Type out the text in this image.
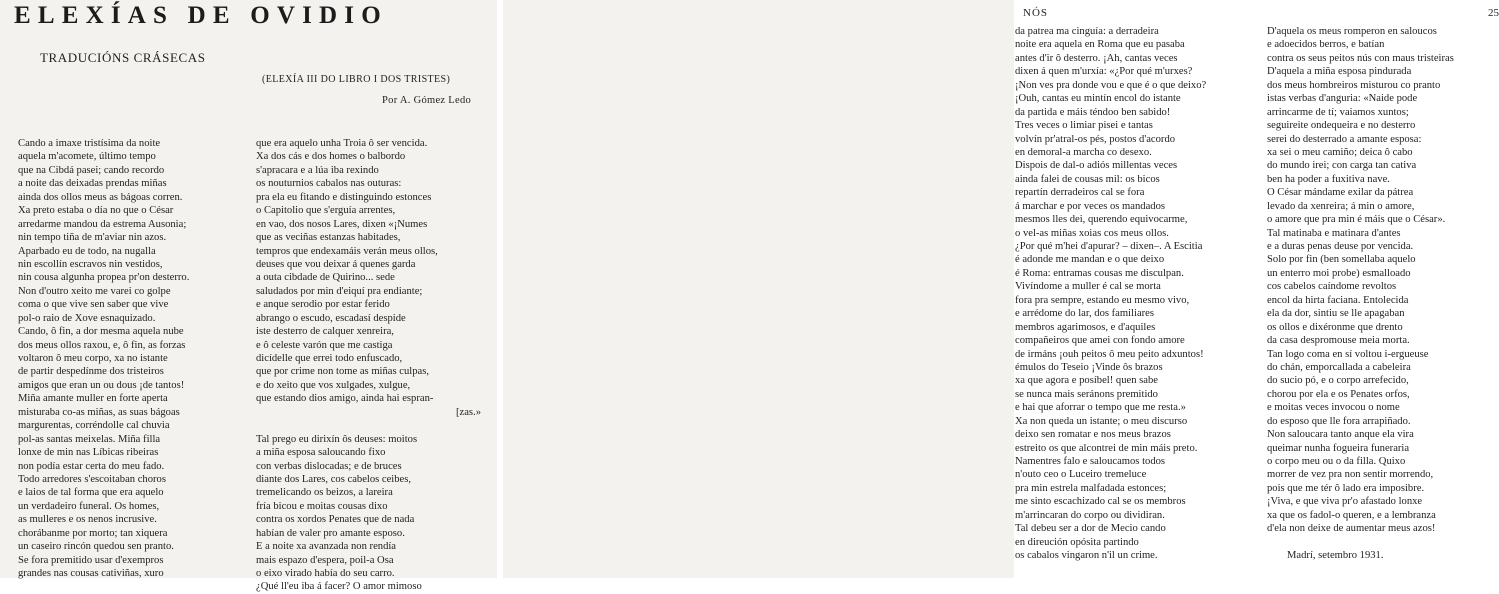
ELEXÍAS DE OVIDIO
TRADUCIÓNS CRÁSECAS
(ELEXÍA III DO LIBRO I DOS TRISTES)
Por A. Gómez Ledo
Cando a imaxe tristísima da noite
aquela m'acomete, último tempo
que na Cibdá pasei; cando recordo
a noite das deixadas prendas miñas
aindа dos ollos meus as bágoas corren.
Xa preto estaba o día no que o César
arredarme mandou da estrema Ausonia;
nin tempo tiña de m'aviar nin azos.
Aparbado eu de todo, na nugalla
nin escollín escravos nin vestidos,
nin cousa algunha propea pr'on desterro.
Non d'outro xeito me varei co golpe
coma o que vive sen saber que vive
pol-o raio de Xove esnaquizado.
Cando, ô fin, a dor mesma aquela nube
dos meus ollos raxou, e, ô fin, as forzas
voltaron ô meu corpo, xa no istante
de partir despedínme dos tristeiros
amigos que eran un ou dous ¡de tantos!
Miña amante muller en forte aperta
misturaba co-as miñas, as suas bágoas
margurentas, corréndolle cal chuvia
pol-as santas meixelas. Miña filla
lonxe de min nas Líbicas ribeiras
non podía estar certa do meu fado.
Todo arredores s'escoitaban choros
e laios de tal forma que era aquelo
un verdadeiro funeral. Os homes,
as mulleres e os nenos incrusive.
chorábanme por morto; tan xiquera
un caseiro rincón quedou sen pranto.
Se fora premitido usar d'exempros
grandes nas cousas cativiñas, xuro
que era aquelo unha Troia ô ser vencida.
Xa dos cás e dos homes o balbordo
s'apracara e a lúa iba rexindo
os nouturnios cabalos nas outuras:
pra ela eu fitando e distinguindo estonces
o Capitolio que s'erguía arrentes,
en vao, dos nosos Lares, dixen «¡Numes
que as veciñas estanzas habitades,
tempros que endexamáis verán meus ollos,
deuses que vou deixar á quenes garda
a outa cibdade de Quirino... sede
saludados por min d'eiquí pra endiante;
e anque serodio por estar ferido
abrango o escudo, escadasí despide
iste desterro de calquer xenreira,
e ô celeste varón que me castiga
dicídelle que errei todo enfuscado,
que por crime non tome as miñas culpas,
e do xeito que vos xulgades, xulgue,
que estando dios amigo, ainda hai espran-
[zas.»
Tal prego eu dirixín ôs deuses: moitos
a miña esposa saloucando fixo
con verbas dislocadas; e de bruces
diante dos Lares, cos cabelos ceibes,
tremelicando os beizos, a lareira
fría bicou e moitas cousas dixo
contra os xordos Penates que de nada
habían de valer pro amante esposo.
E a noite xa avanzada non rendía
mais espazo d'espera, poil-a Osa
o eixo virado había do seu carro.
¿Qué ll'eu iba á facer? O amor mimoso
NÓS	25
da patrea ma cinguía: a derradeira
noite era aquela en Roma que eu pasaba
antes d'ir ô desterro. ¡Ah, cantas veces
dixen á quen m'urxía: «¿Por qué m'urxes?
¡Non ves pra donde vou e que é o que deixo?
¡Ouh, cantas eu mintín encol do istante
da partida e máis téndoo ben sabido!
Tres veces o limiar pisei e tantas
volvín pr'atral-os pés, postos d'acordo
en demoral-a marcha co desexo.
Dispois de dal-o adiós millentas veces
ainda falei de cousas mil: os bicos
repartín derradeiros cal se fora
á marchar e por veces os mandados
mesmos lles dei, querendo equivocarme,
o vel-as miñas xoias cos meus ollos.
¿Por qué m'hei d'apurar? – dixen–. A Escitia
é adonde me mandan e o que deixo
é Roma: entramas cousas me disculpan.
Vivíndome a muller é cal se morta
fora pra sempre, estando eu mesmo vivo,
e arrédome do lar, dos familiares
membros agarimosos, e d'aquiles
compañeiros que amei con fondo amore
de irmáns ¡ouh peitos ô meu peito adxuntos!
émulos do Teseio ¡Vinde ôs brazos
xa que agora e posíbel! quen sabe
se nunca mais seránons premitido
e hai que aforrar o tempo que me resta.»
Xa non queda un istante; o meu discurso
deixo sen romatar e nos meus brazos
estreito os que alcontrei de min máis preto.
Namentres falo e saloucamos todos
n'outo ceo o Luceiro tremeluce
pra min estrela malfadada estonces;
me sinto escachizado cal se os membros
m'arrincaran do corpo ou dividiran.
Tal debeu ser a dor de Mecio cando
en direución opósita partindo
os cabalos vingaron n'il un crime.
D'aquela os meus romperon en saloucos
e adoecidos berros, e batían
contra os seus peitos nús con maus tristeiras
D'aquela a miña esposa pindurada
dos meus hombreiros misturou co pranto
istas verbas d'anguria: «Naide pode
arrincarme de tí; vaiamos xuntos;
seguireite ondequeira e no desterro
serei do desterrado a amante esposa:
xa sei o meu camiño; deica ô cabo
do mundo irei; con carga tan cativa
ben ha poder a fuxitiva nave.
O César mándame exilar da pátrea
levado da xenreira; á min o amore,
o amore que pra min é máis que o César».
Tal matinaba e matinara d'antes
e a duras penas deuse por vencida.
Solo por fin (ben somellaba aquelo
un enterro moi probe) esmalloado
cos cabelos caíndome revoltos
encol da hirta faciana. Entolecida
ela da dor, sintiu se lle apagaban
os ollos e dixéronme que drento
da casa despromouse meia morta.
Tan logo coma en sí voltou i-ergueuse
do chán, emporcallada a cabeleira
do sucio pó, e o corpo arrefecido,
chorou por ela e os Penates orfos,
e moitas veces invocou o nome
do esposo que lle fora arrapiñado.
Non saloucara tanto anque ela vira
queimar nunha fogueira funeraria
o corpo meu ou o da filla. Quixo
morrer de vez pra non sentir morrendo,
pois que me tér ô lado era imposibre.
¡Viva, e que viva pr'o afastado lonxe
xa que os fadol-o queren, e a lembranza
d'ela non deixe de aumentar meus azos!
Madrí, setembro 1931.
